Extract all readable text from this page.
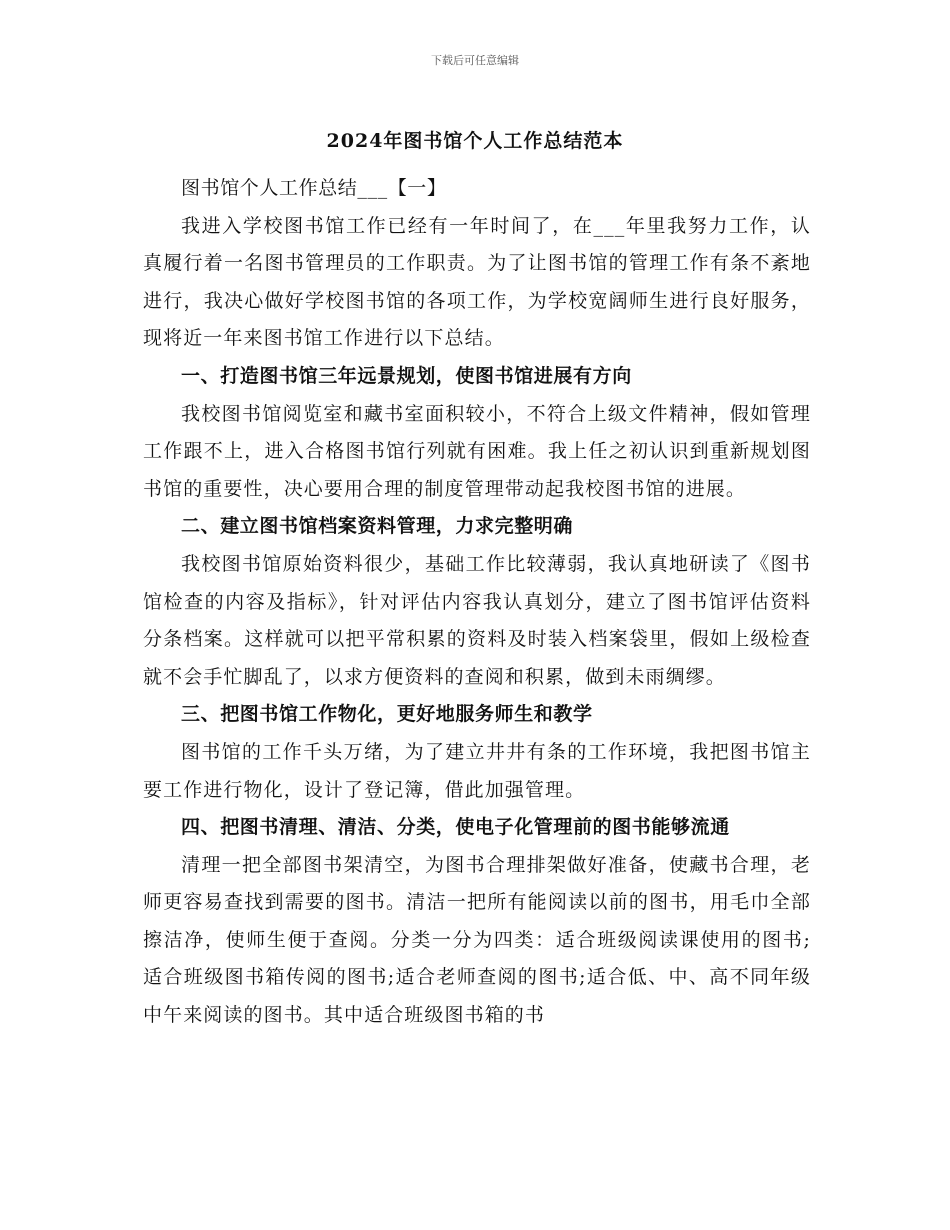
下载后可任意编辑
2024年图书馆个人工作总结范本

图书馆个人工作总结___【一】

我进入学校图书馆工作已经有一年时间了，在___年里我努力工作，认真履行着一名图书管理员的工作职责。为了让图书馆的管理工作有条不紊地进行，我决心做好学校图书馆的各项工作，为学校宽阔师生进行良好服务，现将近一年来图书馆工作进行以下总结。

一、打造图书馆三年远景规划，使图书馆进展有方向

我校图书馆阅览室和藏书室面积较小，不符合上级文件精神，假如管理工作跟不上，进入合格图书馆行列就有困难。我上任之初认识到重新规划图书馆的重要性，决心要用合理的制度管理带动起我校图书馆的进展。

二、建立图书馆档案资料管理，力求完整明确

我校图书馆原始资料很少，基础工作比较薄弱，我认真地研读了《图书馆检查的内容及指标》，针对评估内容我认真划分，建立了图书馆评估资料分条档案。这样就可以把平常积累的资料及时装入档案袋里，假如上级检查就不会手忙脚乱了，以求方便资料的查阅和积累，做到未雨绸缪。

三、把图书馆工作物化，更好地服务师生和教学

图书馆的工作千头万绪，为了建立井井有条的工作环境，我把图书馆主要工作进行物化，设计了登记簿，借此加强管理。

四、把图书清理、清洁、分类，使电子化管理前的图书能够流通

清理一把全部图书架清空，为图书合理排架做好准备，使藏书合理，老师更容易查找到需要的图书。清洁一把所有能阅读以前的图书，用毛巾全部擦洁净，使师生便于查阅。分类一分为四类：适合班级阅读课使用的图书;适合班级图书箱传阅的图书;适合老师查阅的图书;适合低、中、高不同年级中午来阅读的图书。其中适合班级图书箱的书
